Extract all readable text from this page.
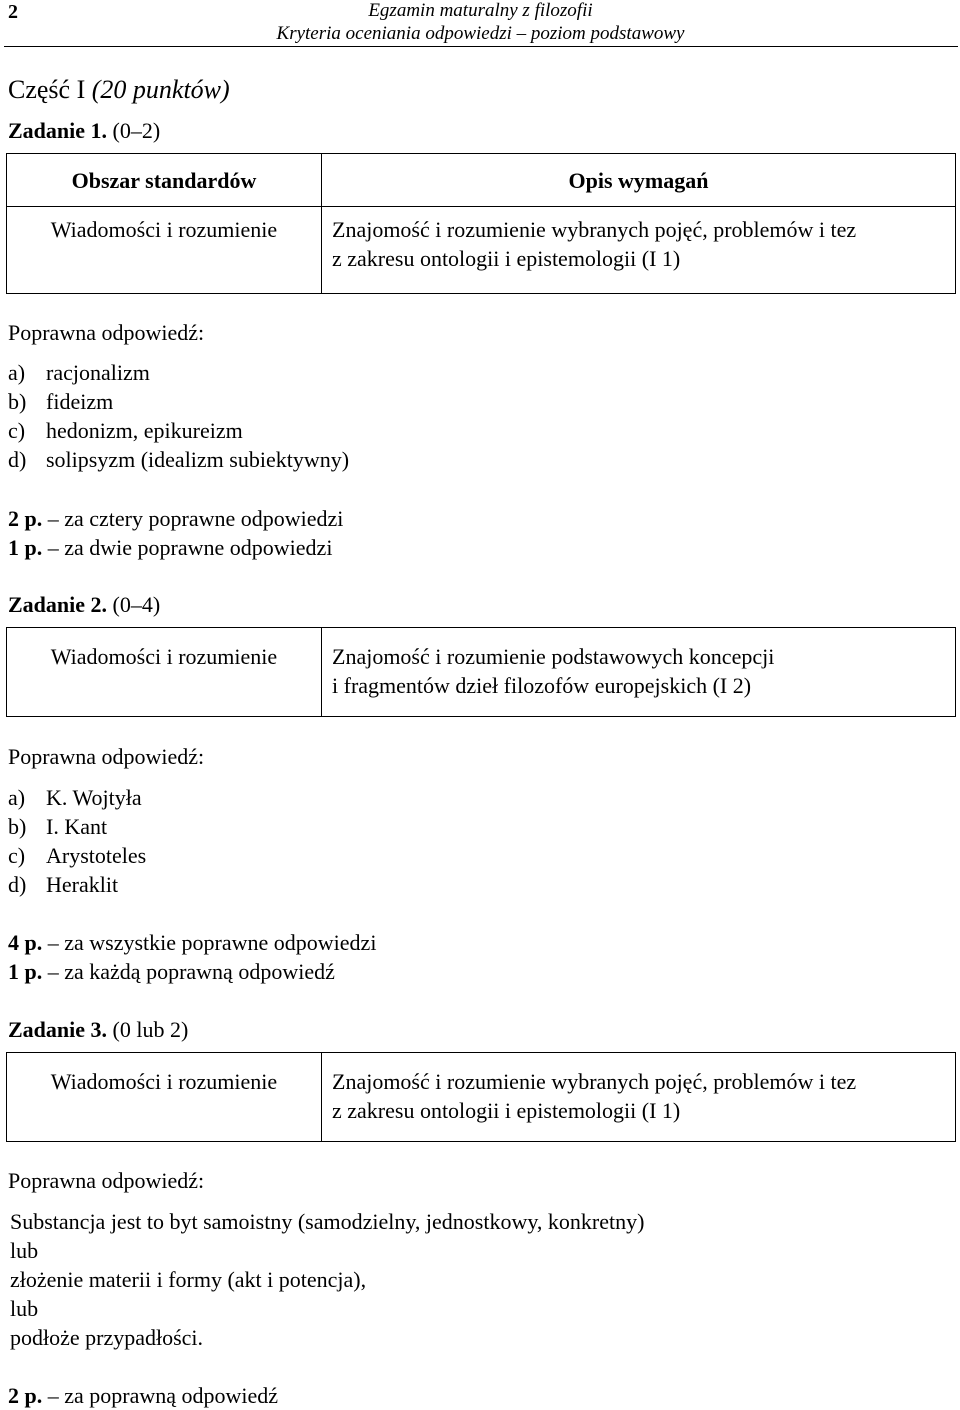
2	Egzamin maturalny z filozofii
Kryteria oceniania odpowiedzi – poziom podstawowy
Część I (20 punktów)
Zadanie 1. (0–2)
Obszar standardów	Opis wymagań
Wiadomości i rozumienie	Znajomość i rozumienie wybranych pojęć, problemów i tez
z zakresu ontologii i epistemologii (I 1)
Poprawna odpowiedź:
a) racjonalizm
b) fideizm
c) hedonizm, epikureizm
d) solipsyzm (idealizm subiektywny)
2 p. – za cztery poprawne odpowiedzi
1 p. – za dwie poprawne odpowiedzi
Zadanie 2. (0–4)
Wiadomości i rozumienie	Znajomość i rozumienie podstawowych koncepcji
i fragmentów dzieł filozofów europejskich (I 2)
Poprawna odpowiedź:
a) K. Wojtyła
b) I. Kant
c) Arystoteles
d) Heraklit
4 p. – za wszystkie poprawne odpowiedzi
1 p. – za każdą poprawną odpowiedź
Zadanie 3. (0 lub 2)
Wiadomości i rozumienie	Znajomość i rozumienie wybranych pojęć, problemów i tez
z zakresu ontologii i epistemologii (I 1)
Poprawna odpowiedź:
Substancja jest to byt samoistny (samodzielny, jednostkowy, konkretny)
lub
złożenie materii i formy (akt i potencja),
lub
podłoże przypadłości.
2 p. – za poprawną odpowiedź
